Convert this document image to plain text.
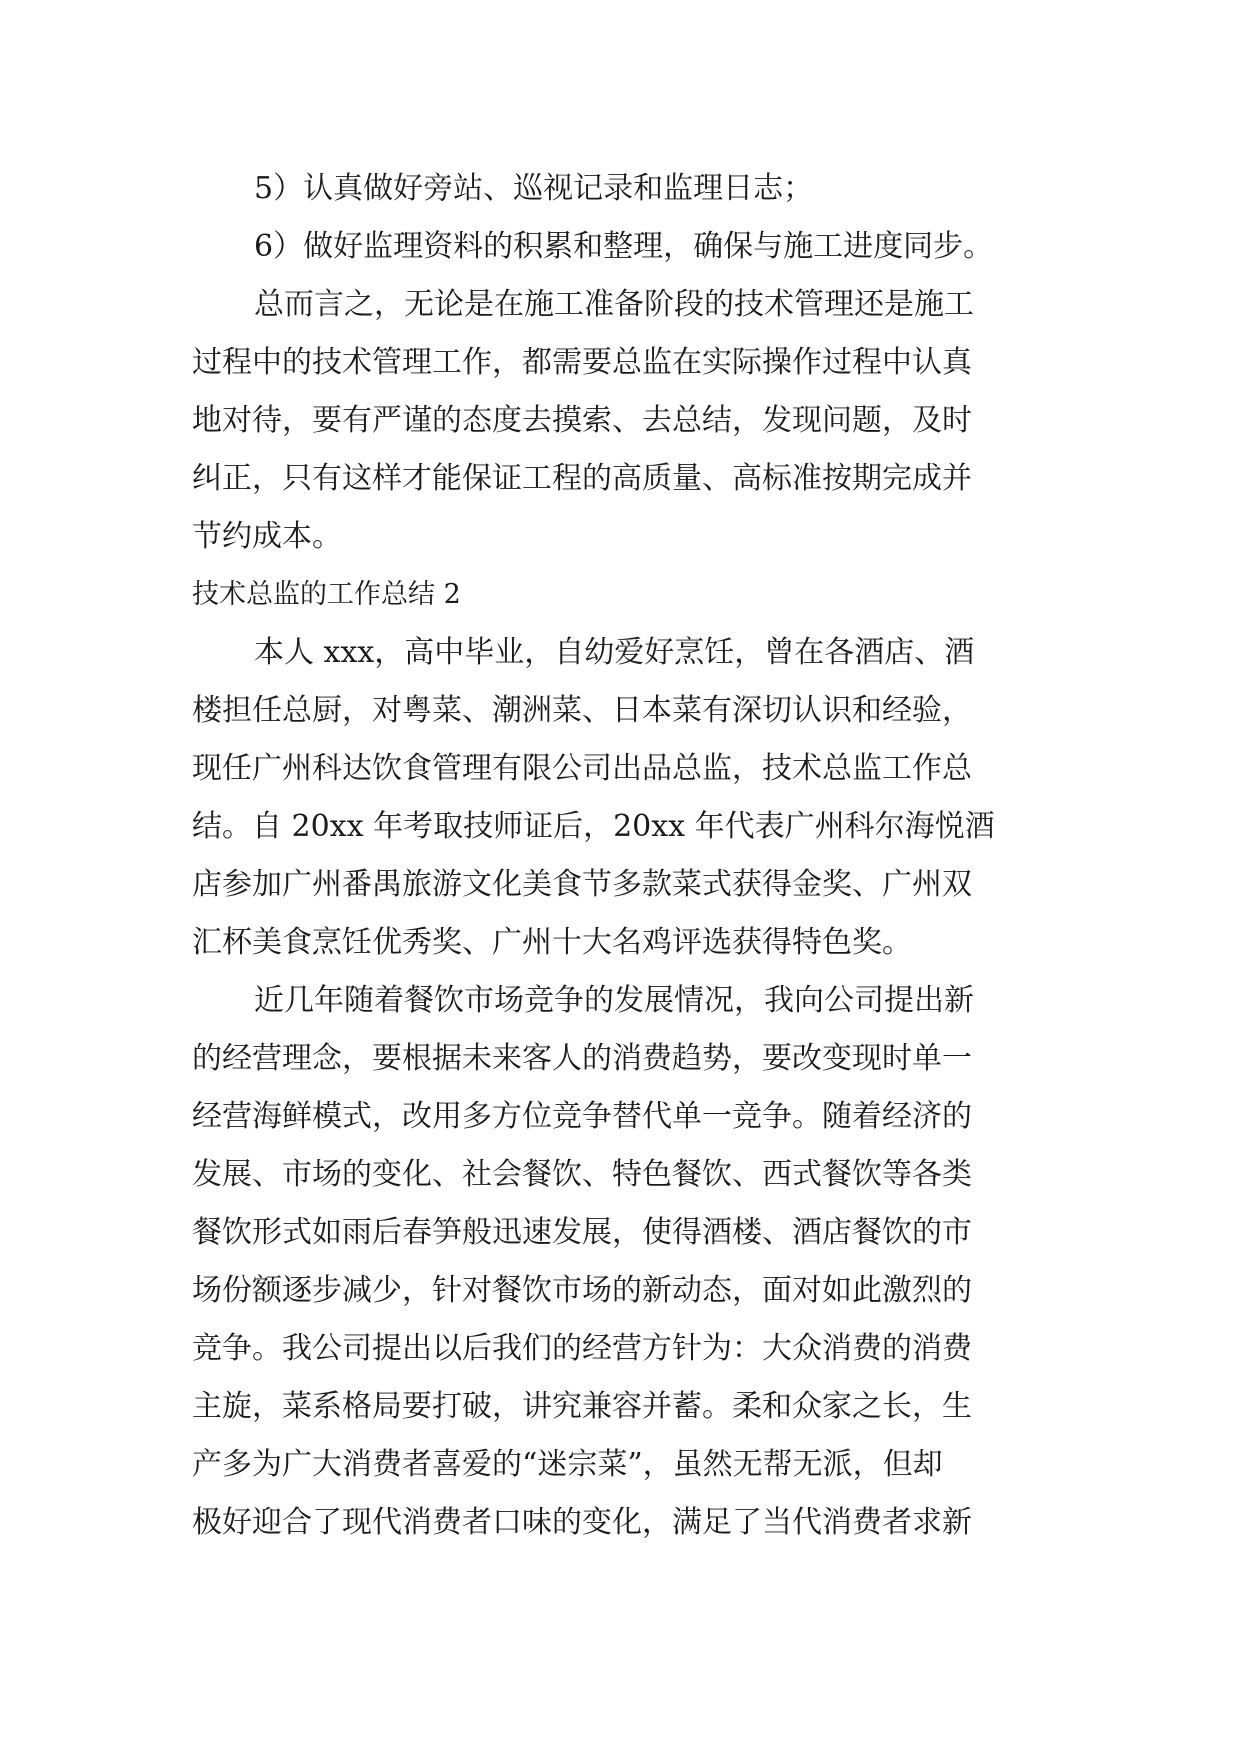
5）认真做好旁站、巡视记录和监理日志；
6）做好监理资料的积累和整理，确保与施工进度同步。
总而言之，无论是在施工准备阶段的技术管理还是施工
过程中的技术管理工作，都需要总监在实际操作过程中认真
地对待，要有严谨的态度去摸索、去总结，发现问题，及时
纠正，只有这样才能保证工程的高质量、高标准按期完成并
节约成本。
技术总监的工作总结 2
本人 xxx，高中毕业，自幼爱好烹饪，曾在各酒店、酒
楼担任总厨，对粤菜、潮洲菜、日本菜有深切认识和经验，
现任广州科达饮食管理有限公司出品总监，技术总监工作总
结。自 20xx 年考取技师证后，20xx 年代表广州科尔海悦酒
店参加广州番禺旅游文化美食节多款菜式获得金奖、广州双
汇杯美食烹饪优秀奖、广州十大名鸡评选获得特色奖。
近几年随着餐饮市场竞争的发展情况，我向公司提出新
的经营理念，要根据未来客人的消费趋势，要改变现时单一
经营海鲜模式，改用多方位竞争替代单一竞争。随着经济的
发展、市场的变化、社会餐饮、特色餐饮、西式餐饮等各类
餐饮形式如雨后春笋般迅速发展，使得酒楼、酒店餐饮的市
场份额逐步减少，针对餐饮市场的新动态，面对如此激烈的
竞争。我公司提出以后我们的经营方针为：大众消费的消费
主旋，菜系格局要打破，讲究兼容并蓄。柔和众家之长，生
产多为广大消费者喜爱的“迷宗菜”，虽然无帮无派，但却
极好迎合了现代消费者口味的变化，满足了当代消费者求新
